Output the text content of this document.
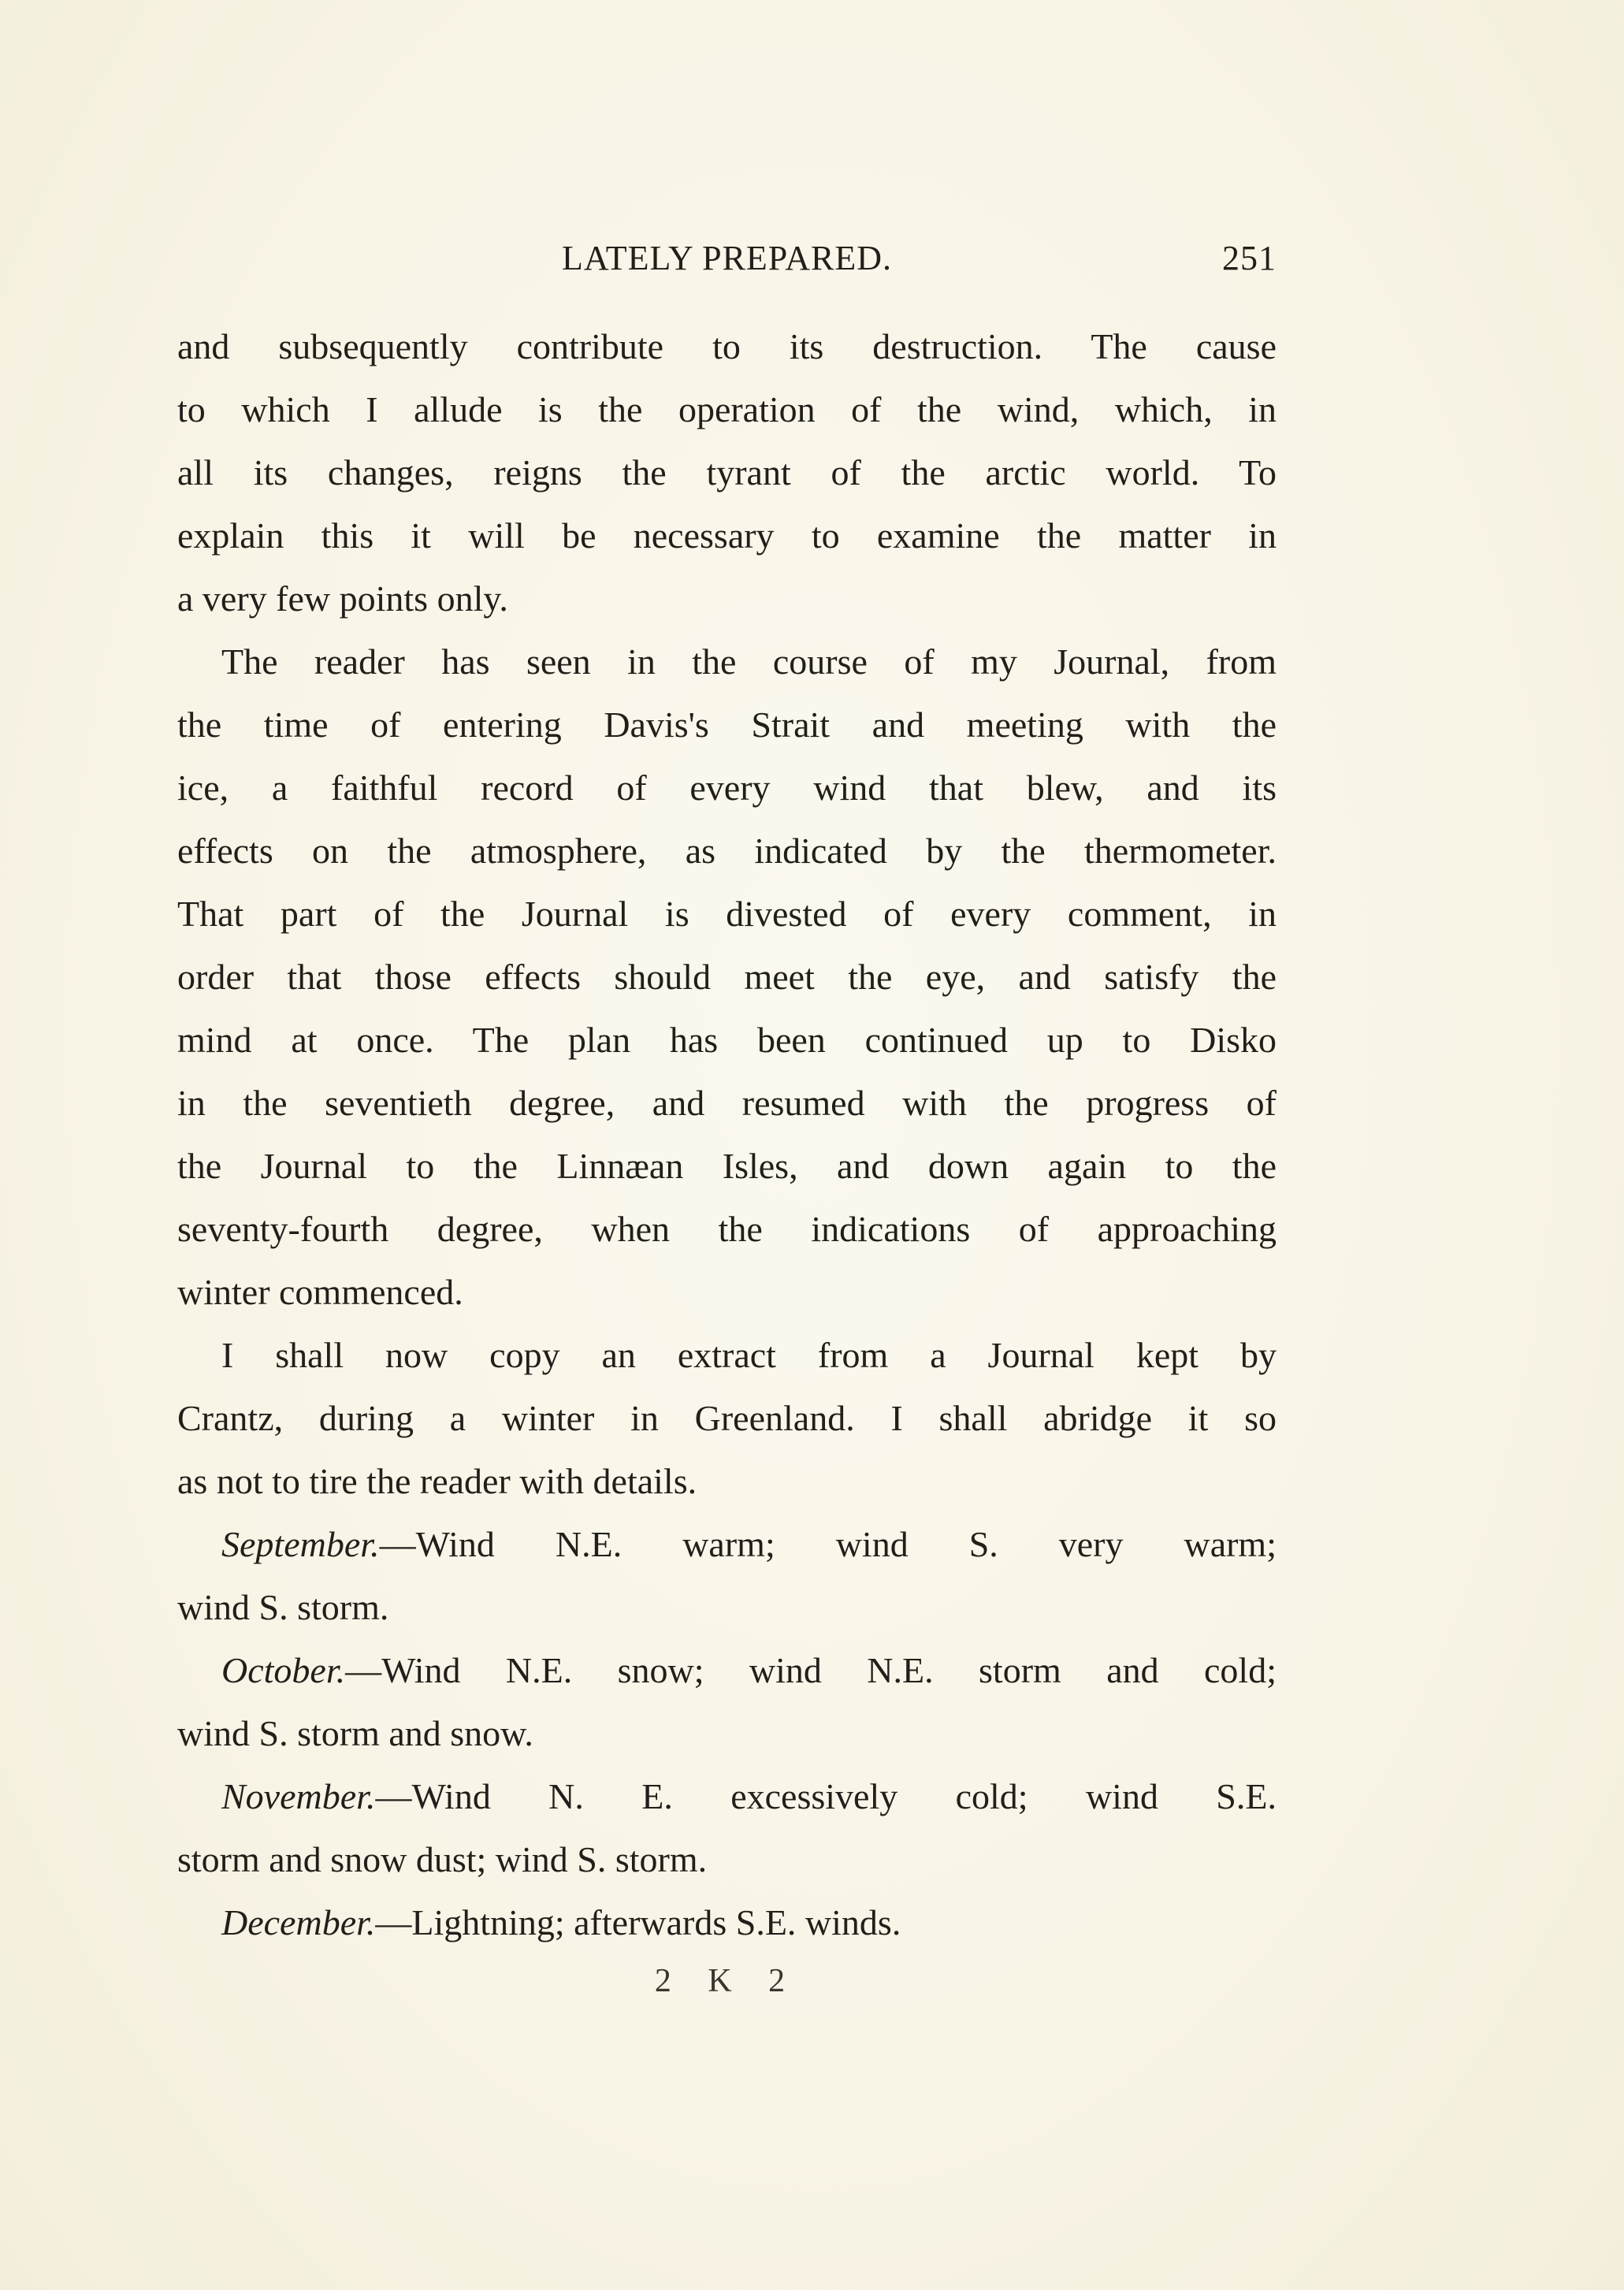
LATELY PREPARED.	251
and subsequently contribute to its destruction. The cause
to which I allude is the operation of the wind, which, in
all its changes, reigns the tyrant of the arctic world. To
explain this it will be necessary to examine the matter in
a very few points only.
The reader has seen in the course of my Journal, from
the time of entering Davis's Strait and meeting with the
ice, a faithful record of every wind that blew, and its
effects on the atmosphere, as indicated by the thermometer.
That part of the Journal is divested of every comment, in
order that those effects should meet the eye, and satisfy the
mind at once. The plan has been continued up to Disko
in the seventieth degree, and resumed with the progress of
the Journal to the Linnæan Isles, and down again to the
seventy-fourth degree, when the indications of approaching
winter commenced.
I shall now copy an extract from a Journal kept by
Crantz, during a winter in Greenland. I shall abridge it so
as not to tire the reader with details.
September.—Wind N.E. warm; wind S. very warm;
wind S. storm.
October.—Wind N.E. snow; wind N.E. storm and cold;
wind S. storm and snow.
November.—Wind N. E. excessively cold; wind S.E.
storm and snow dust; wind S. storm.
December.—Lightning; afterwards S.E. winds.
2 K 2
